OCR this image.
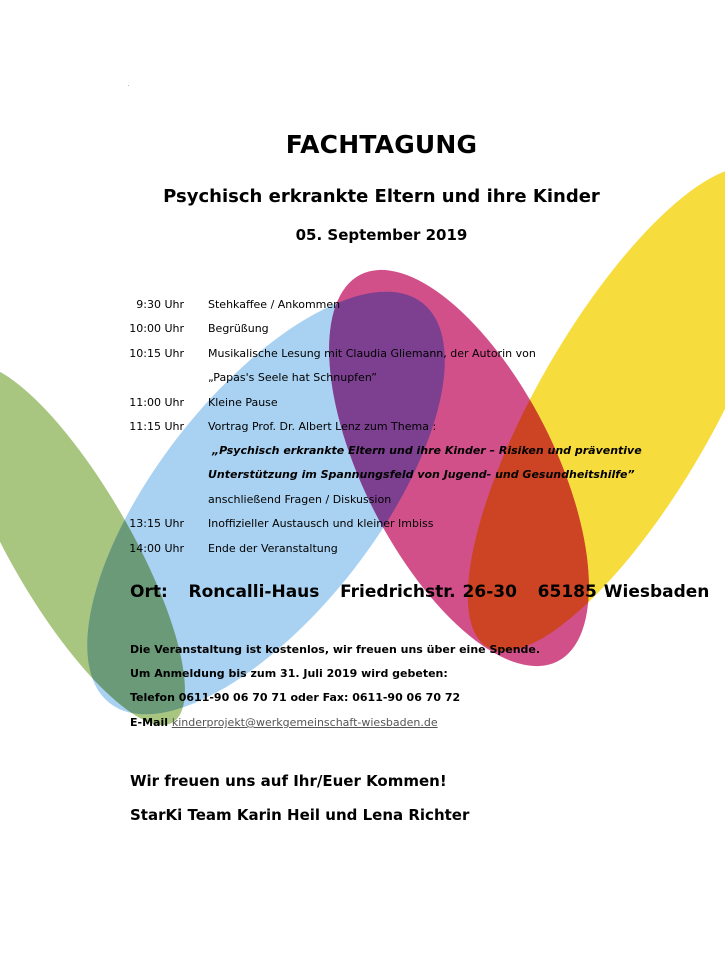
FACHTAGUNG
Psychisch erkrankte Eltern und ihre Kinder
05. September 2019
9:30 Uhr Stehkaffee / Ankommen
10:00 Uhr Begrüßung
10:15 Uhr Musikalische Lesung mit Claudia Gliemann, der Autorin von
„Papas's Seele hat Schnupfen”
11:00 Uhr Kleine Pause
11:15 Uhr Vortrag Prof. Dr. Albert Lenz zum Thema :
„Psychisch erkrankte Eltern und ihre Kinder – Risiken und präventive
Unterstützung im Spannungsfeld von Jugend- und Gesundheitshilfe”
anschließend Fragen / Diskussion
13:15 Uhr Inoffizieller Austausch und kleiner Imbiss
14:00 Uhr Ende der Veranstaltung
Ort:   Roncalli-Haus   Friedrichstr. 26-30   65185 Wiesbaden
Die Veranstaltung ist kostenlos, wir freuen uns über eine Spende.
Um Anmeldung bis zum 31. Juli 2019 wird gebeten:
Telefon 0611-90 06 70 71 oder Fax: 0611-90 06 70 72
E-Mail kinderprojekt@werkgemeinschaft-wiesbaden.de
Wir freuen uns auf Ihr/Euer Kommen!
StarKi Team Karin Heil und Lena Richter
